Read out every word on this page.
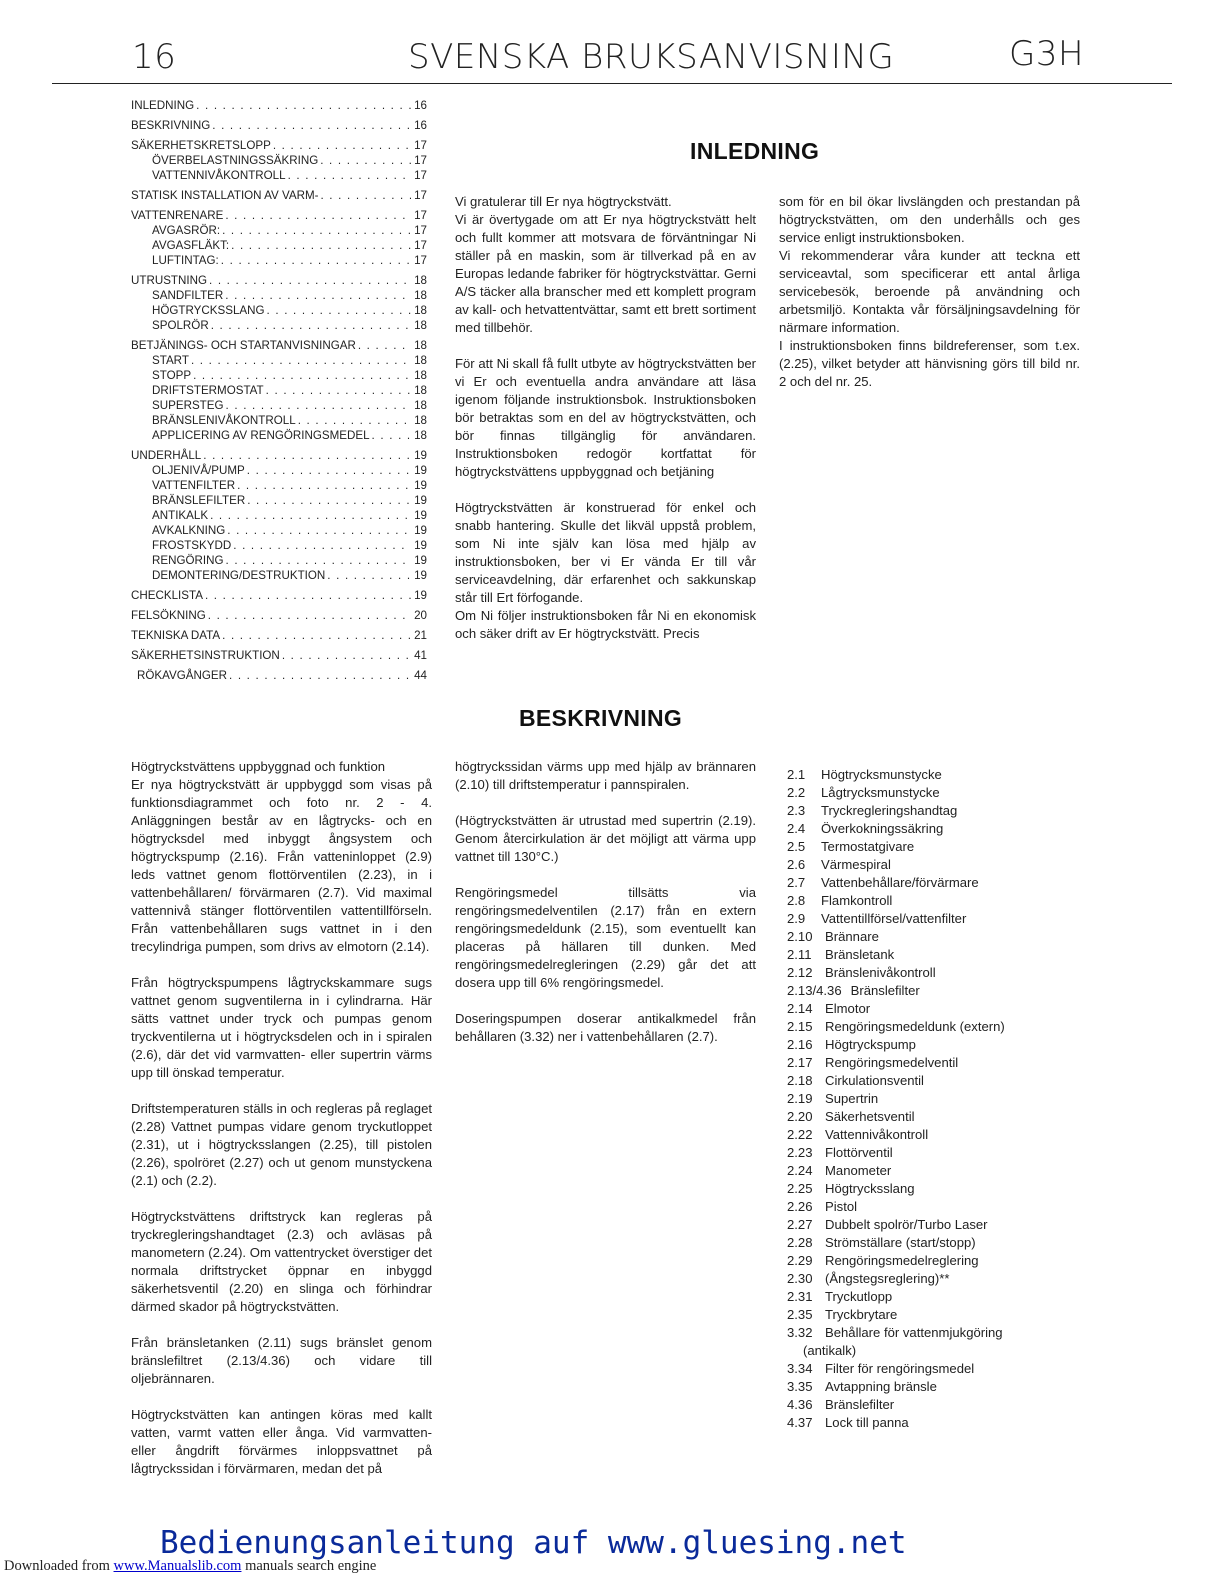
16	SVENSKA BRUKSANVISNING	G3H
INLEDNING . . .	16
BESKRIVNING . . .	16
SÄKERHETSKRETSLOPP . . .	17
ÖVERBELASTNINGSSÄKRING . . .	17
VATTENNIVÅKONTROLL . . .	17
STATISK INSTALLATION AV VARM- . . .	17
VATTENRENARE . . .	17
AVGASRÖR: . . .	17
AVGASFLÄKT: . . .	17
LUFTINTAG: . . .	17
UTRUSTNING . . .	18
SANDFILTER . . .	18
HÖGTRYCKSSLANG . . .	18
SPOLRÖR . . .	18
BETJÄNINGS- OCH STARTANVISNINGAR . . .	18
START . . .	18
STOPP . . .	18
DRIFTSTERMOSTAT . . .	18
SUPERSTEG . . .	18
BRÄNSLENIVÅKONTROLL . . .	18
APPLICERING AV RENGÖRINGSMEDEL . . .	18
UNDERHÅLL . . .	19
OLJENIVÅ/PUMP . . .	19
VATTENFILTER . . .	19
BRÄNSLEFILTER . . .	19
ANTIKALK . . .	19
AVKALKNING . . .	19
FROSTSKYDD . . .	19
RENGÖRING . . .	19
DEMONTERING/DESTRUKTION . . .	19
CHECKLISTA . . .	19
FELSÖKNING . . .	20
TEKNISKA DATA . . .	21
SÄKERHETSINSTRUKTION . . .	41
RÖKAVGÅNGER . . .	44
INLEDNING

Vi gratulerar till Er nya högtryckstvätt.

Vi är övertygade om att Er nya högtryckstvätt helt och fullt kommer att motsvara de förväntningar Ni ställer på en maskin, som är tillverkad på en av Europas ledande fabriker för högtryckstvättar. Gerni A/S täcker alla branscher med ett komplett program av kall- och hetvattentvättar, samt ett brett sortiment med tillbehör.

För att Ni skall få fullt utbyte av högtryckstvätten ber vi Er och eventuella andra användare att läsa igenom följande instruktionsbok. Instruktionsboken bör betraktas som en del av högtryckstvätten, och bör finnas tillgänglig för användaren. Instruktionsboken redogör kortfattat för högtryckstvättens uppbyggnad och betjäning

Högtryckstvätten är konstruerad för enkel och snabb hantering. Skulle det likväl uppstå problem, som Ni inte själv kan lösa med hjälp av instruktionsboken, ber vi Er vända Er till vår serviceavdelning, där erfarenhet och sakkunskap står till Ert förfogande.

Om Ni följer instruktionsboken får Ni en ekonomisk och säker drift av Er högtryckstvätt. Precis

som för en bil ökar livslängden och prestandan på högtryckstvätten, om den underhålls och ges service enligt instruktionsboken.

Vi rekommenderar våra kunder att teckna ett serviceavtal, som specificerar ett antal årliga servicebesök, beroende på användning och arbetsmiljö. Kontakta vår försäljningsavdelning för närmare information.

I instruktionsboken finns bildreferenser, som t.ex. (2.25), vilket betyder att hänvisning görs till bild nr. 2 och del nr. 25.

BESKRIVNING

Högtryckstvättens uppbyggnad och funktion

Er nya högtryckstvätt är uppbyggd som visas på funktionsdiagrammet och foto nr. 2 - 4. Anläggningen består av en lågtrycks- och en högtrycksdel med inbyggt ångsystem och högtryckspump (2.16). Från vatteninloppet (2.9) leds vattnet genom flottörventilen (2.23), in i vattenbehållaren/ förvärmaren (2.7). Vid maximal vattennivå stänger flottörventilen vattentillförseln. Från vattenbehållaren sugs vattnet in i den trecylindriga pumpen, som drivs av elmotorn (2.14).

Från högtryckspumpens lågtryckskammare sugs vattnet genom sugventilerna in i cylindrarna. Här sätts vattnet under tryck och pumpas genom tryckventilerna ut i högtrycksdelen och in i spiralen (2.6), där det vid varmvatten- eller supertrin värms upp till önskad temperatur.

Driftstemperaturen ställs in och regleras på reglaget (2.28) Vattnet pumpas vidare genom tryckutloppet (2.31), ut i högtrycksslangen (2.25), till pistolen (2.26), spolröret (2.27) och ut genom munstyckena (2.1) och (2.2).

Högtryckstvättens driftstryck kan regleras på tryckregleringshandtaget (2.3) och avläsas på manometern (2.24). Om vattentrycket överstiger det normala driftstrycket öppnar en inbyggd säkerhetsventil (2.20) en slinga och förhindrar därmed skador på högtryckstvätten.

Från bränsletanken (2.11) sugs bränslet genom bränslefiltret (2.13/4.36) och vidare till oljebrännaren.

Högtryckstvätten kan antingen köras med kallt vatten, varmt vatten eller ånga. Vid varmvatten- eller ångdrift förvärmes inloppsvattnet på lågtryckssidan i förvärmaren, medan det på

högtryckssidan värms upp med hjälp av brännaren (2.10) till driftstemperatur i pannspiralen.

(Högtryckstvätten är utrustad med supertrin (2.19). Genom återcirkulation är det möjligt att värma upp vattnet till 130°C.)

Rengöringsmedel tillsätts via rengöringsmedelventilen (2.17) från en extern rengöringsmedeldunk (2.15), som eventuellt kan placeras på hällaren till dunken. Med rengöringsmedelregleringen (2.29) går det att dosera upp till 6% rengöringsmedel.

Doseringspumpen doserar antikalkmedel från behållaren (3.32) ner i vattenbehållaren (2.7).

2.1 Högtrycksmunstycke
2.2 Lågtrycksmunstycke
2.3 Tryckregleringshandtag
2.4 Överkokningssäkring
2.5 Termostatgivare
2.6 Värmespiral
2.7 Vattenbehållare/förvärmare
2.8 Flamkontroll
2.9 Vattentillförsel/vattenfilter
2.10 Brännare
2.11 Bränsletank
2.12 Bränslenivåkontroll
2.13/4.36 Bränslefilter
2.14 Elmotor
2.15 Rengöringsmedeldunk (extern)
2.16 Högtryckspump
2.17 Rengöringsmedelventil
2.18 Cirkulationsventil
2.19 Supertrin
2.20 Säkerhetsventil
2.22 Vattennivåkontroll
2.23 Flottörventil
2.24 Manometer
2.25 Högtrycksslang
2.26 Pistol
2.27 Dubbelt spolrör/Turbo Laser
2.28 Strömställare (start/stopp)
2.29 Rengöringsmedelreglering
2.30 (Ångstegsreglering)**
2.31 Tryckutlopp
2.35 Tryckbrytare
3.32 Behållare för vattenmjukgöring
(antikalk)
3.34 Filter för rengöringsmedel
3.35 Avtappning bränsle
4.36 Bränslefilter
4.37 Lock till panna
Bedienungsanleitung auf www.gluesing.net
Downloaded from www.Manualslib.com manuals search engine
